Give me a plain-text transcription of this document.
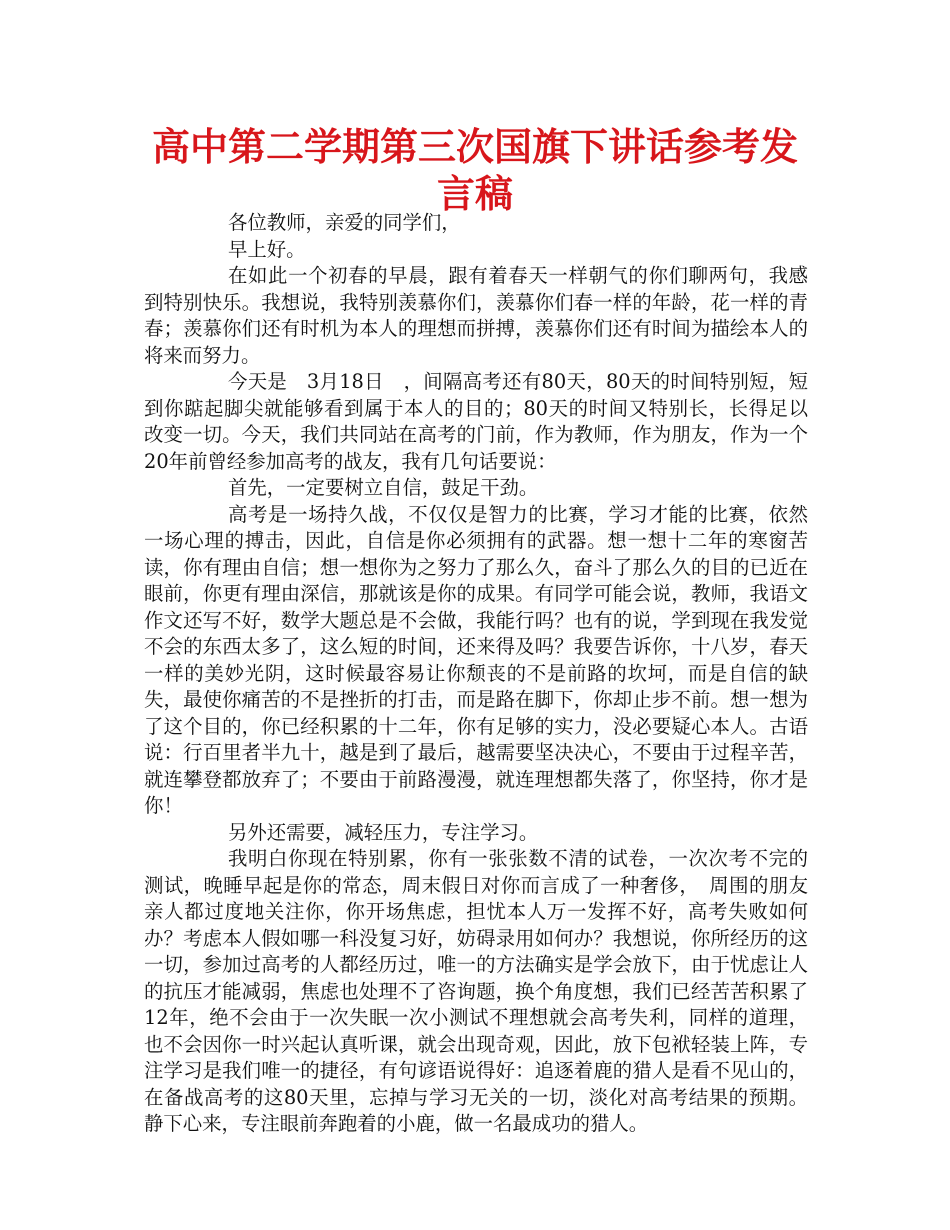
高中第二学期第三次国旗下讲话参考发言稿

各位教师，亲爱的同学们，

早上好。

在如此一个初春的早晨，跟有着春天一样朝气的你们聊两句，我感到特别快乐。我想说，我特别羡慕你们，羡慕你们春一样的年龄，花一样的青春；羡慕你们还有时机为本人的理想而拼搏，羡慕你们还有时间为描绘本人的将来而努力。

今天是　3月18日　，间隔高考还有80天，80天的时间特别短，短到你踮起脚尖就能够看到属于本人的目的；80天的时间又特别长，长得足以改变一切。今天，我们共同站在高考的门前，作为教师，作为朋友，作为一个20年前曾经参加高考的战友，我有几句话要说：

首先，一定要树立自信，鼓足干劲。

高考是一场持久战，不仅仅是智力的比赛，学习才能的比赛，依然一场心理的搏击，因此，自信是你必须拥有的武器。想一想十二年的寒窗苦读，你有理由自信；想一想你为之努力了那么久，奋斗了那么久的目的已近在眼前，你更有理由深信，那就该是你的成果。有同学可能会说，教师，我语文作文还写不好，数学大题总是不会做，我能行吗？也有的说，学到现在我发觉不会的东西太多了，这么短的时间，还来得及吗？我要告诉你，十八岁，春天一样的美妙光阴，这时候最容易让你颓丧的不是前路的坎坷，而是自信的缺失，最使你痛苦的不是挫折的打击，而是路在脚下，你却止步不前。想一想为了这个目的，你已经积累的十二年，你有足够的实力，没必要疑心本人。古语说：行百里者半九十，越是到了最后，越需要坚决决心，不要由于过程辛苦，就连攀登都放弃了；不要由于前路漫漫，就连理想都失落了，你坚持，你才是你！

另外还需要，减轻压力，专注学习。

我明白你现在特别累，你有一张张数不清的试卷，一次次考不完的测试，晚睡早起是你的常态，周末假日对你而言成了一种奢侈，　周围的朋友亲人都过度地关注你，你开场焦虑，担忧本人万一发挥不好，高考失败如何办？考虑本人假如哪一科没复习好，妨碍录用如何办？我想说，你所经历的这一切，参加过高考的人都经历过，唯一的方法确实是学会放下，由于忧虑让人的抗压才能减弱，焦虑也处理不了咨询题，换个角度想，我们已经苦苦积累了12年，绝不会由于一次失眠一次小测试不理想就会高考失利，同样的道理，也不会因你一时兴起认真听课，就会出现奇观，因此，放下包袱轻装上阵，专注学习是我们唯一的捷径，有句谚语说得好：追逐着鹿的猎人是看不见山的，在备战高考的这80天里，忘掉与学习无关的一切，淡化对高考结果的预期。静下心来，专注眼前奔跑着的小鹿，做一名最成功的猎人。
